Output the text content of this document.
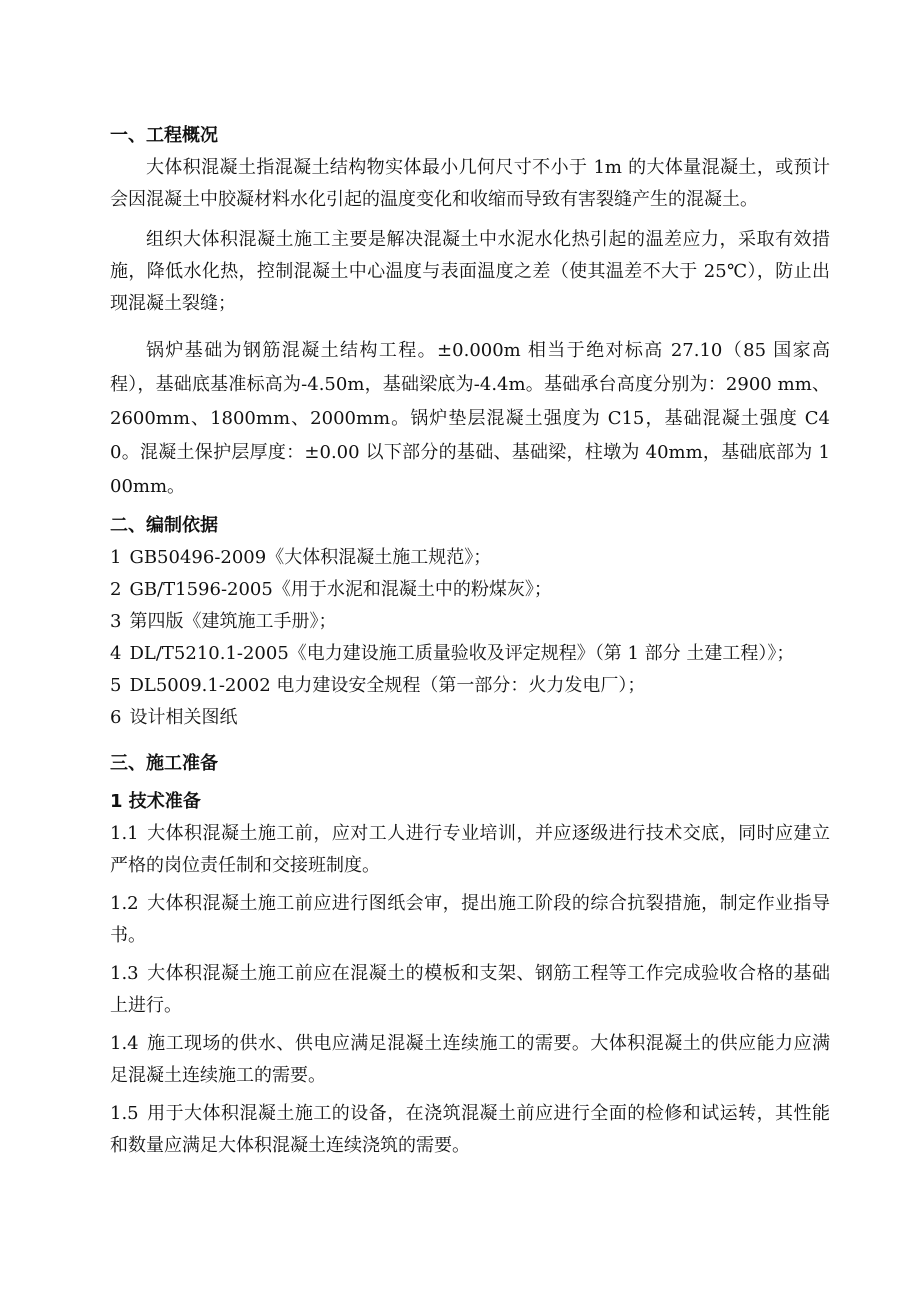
一、工程概况

大体积混凝土指混凝土结构物实体最小几何尺寸不小于 1m 的大体量混凝土，或预计会因混凝土中胶凝材料水化引起的温度变化和收缩而导致有害裂缝产生的混凝土。

组织大体积混凝土施工主要是解决混凝土中水泥水化热引起的温差应力，采取有效措施，降低水化热，控制混凝土中心温度与表面温度之差（使其温差不大于 25℃），防止出现混凝土裂缝；

锅炉基础为钢筋混凝土结构工程。±0.000m 相当于绝对标高 27.10（85 国家高程），基础底基准标高为-4.50m，基础梁底为-4.4m。基础承台高度分别为：2900 mm、2600mm、1800mm、2000mm。锅炉垫层混凝土强度为 C15，基础混凝土强度 C40。混凝土保护层厚度：±0.00 以下部分的基础、基础梁，柱墩为 40mm，基础底部为 100mm。

二、编制依据

1 GB50496-2009《大体积混凝土施工规范》；

2 GB/T1596-2005《用于水泥和混凝土中的粉煤灰》；

3 第四版《建筑施工手册》；

4 DL/T5210.1-2005《电力建设施工质量验收及评定规程》（第 1 部分 土建工程）》；

5 DL5009.1-2002 电力建设安全规程（第一部分：火力发电厂）；

6 设计相关图纸

三、施工准备
1 技术准备

1.1 大体积混凝土施工前，应对工人进行专业培训，并应逐级进行技术交底，同时应建立严格的岗位责任制和交接班制度。

1.2 大体积混凝土施工前应进行图纸会审，提出施工阶段的综合抗裂措施，制定作业指导书。

1.3 大体积混凝土施工前应在混凝土的模板和支架、钢筋工程等工作完成验收合格的基础上进行。

1.4 施工现场的供水、供电应满足混凝土连续施工的需要。大体积混凝土的供应能力应满足混凝土连续施工的需要。

1.5 用于大体积混凝土施工的设备，在浇筑混凝土前应进行全面的检修和试运转，其性能和数量应满足大体积混凝土连续浇筑的需要。
